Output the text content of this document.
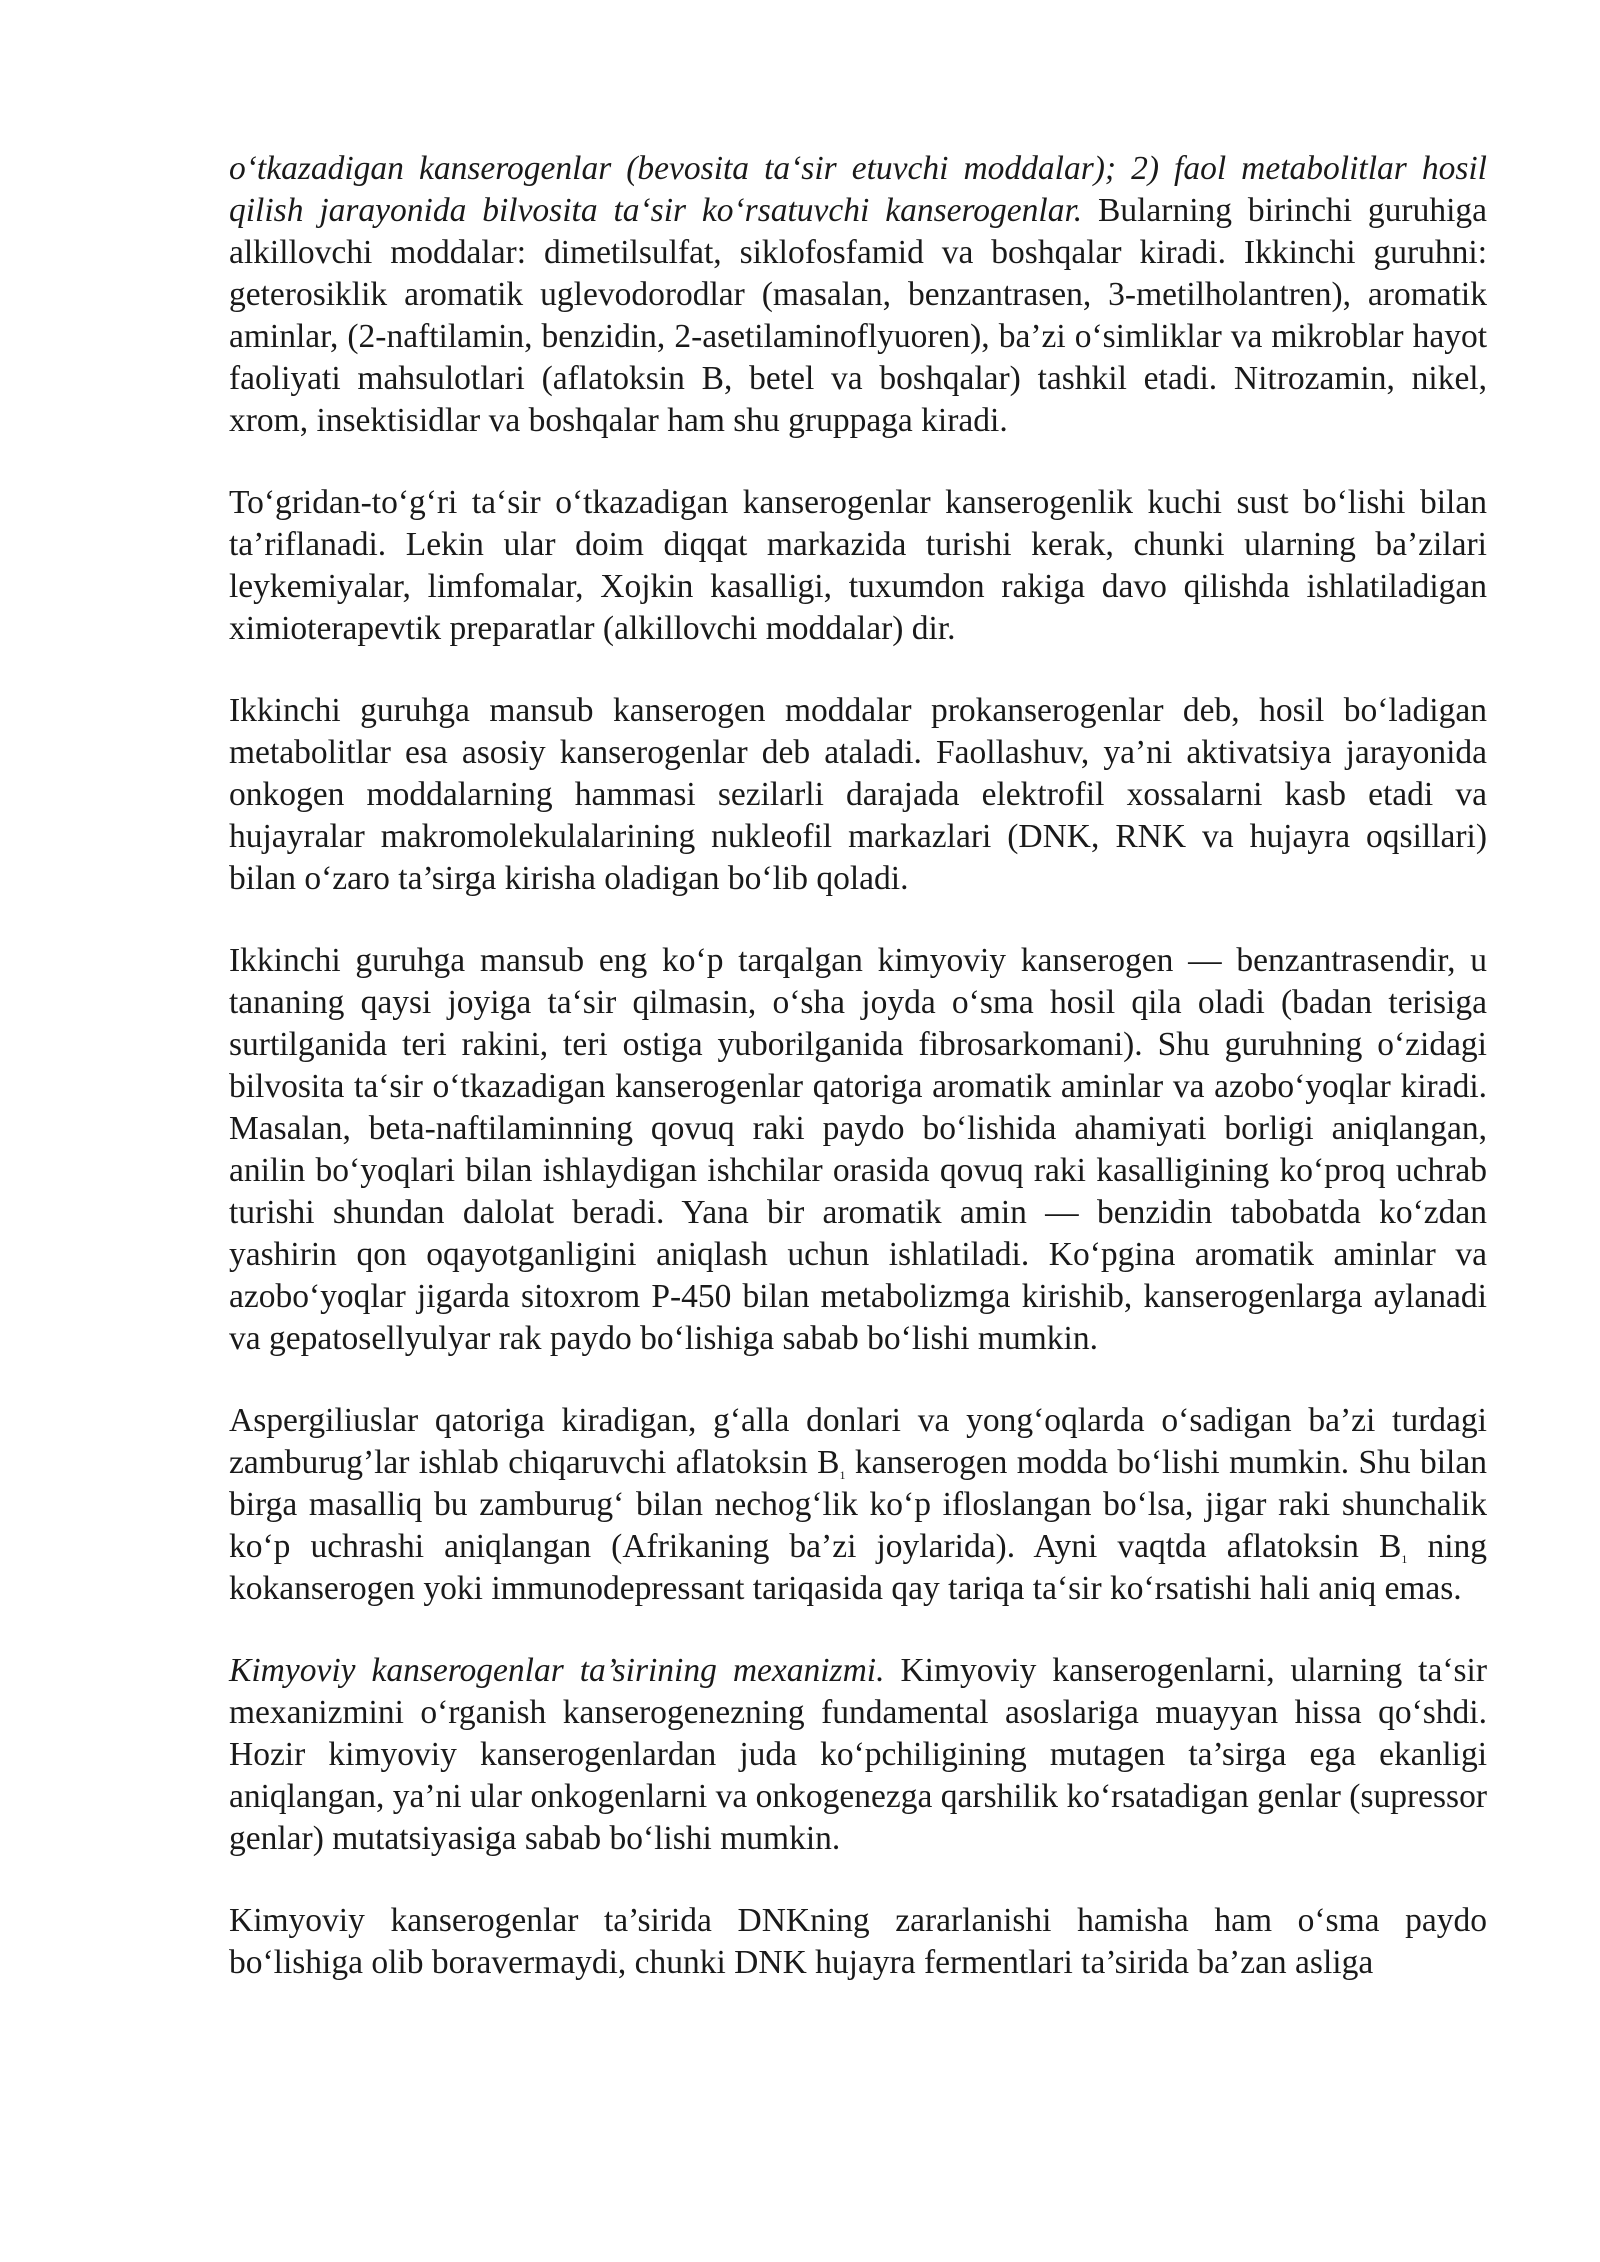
o‘tkazadigan kanserogenlar (bevosita ta‘sir etuvchi moddalar); 2) faol metabolitlar hosil qilish jarayonida bilvosita ta‘sir ko‘rsatuvchi kanserogenlar. Bularning birinchi guruhiga alkillovchi moddalar: dimetilsulfat, siklofosfamid va boshqalar kiradi. Ikkinchi guruhni: geterosiklik aromatik uglevodorodlar (masalan, benzantrasen, 3-metilholantren), aromatik aminlar, (2-naftilamin, benzidin, 2-asetilaminoflyuoren), ba’zi o‘simliklar va mikroblar hayot faoliyati mahsulotlari (aflatoksin B, betel va boshqalar) tashkil etadi. Nitrozamin, nikel, xrom, insektisidlar va boshqalar ham shu gruppaga kiradi.

To‘gridan-to‘g‘ri ta‘sir o‘tkazadigan kanserogenlar kanserogenlik kuchi sust bo‘lishi bilan ta’riflanadi. Lekin ular doim diqqat markazida turishi kerak, chunki ularning ba’zilari leykemiyalar, limfomalar, Xojkin kasalligi, tuxumdon rakiga davo qilishda ishlatiladigan ximioterapevtik preparatlar (alkillovchi moddalar) dir.

Ikkinchi guruhga mansub kanserogen moddalar prokanserogenlar deb, hosil bo‘ladigan metabolitlar esa asosiy kanserogenlar deb ataladi. Faollashuv, ya’ni aktivatsiya jarayonida onkogen moddalarning hammasi sezilarli darajada elektrofil xossalarni kasb etadi va hujayralar makromolekulalarining nukleofil markazlari (DNK, RNK va hujayra oqsillari) bilan o‘zaro ta’sirga kirisha oladigan bo‘lib qoladi.

Ikkinchi guruhga mansub eng ko‘p tarqalgan kimyoviy kanserogen — benzantrasendir, u tananing qaysi joyiga ta‘sir qilmasin, o‘sha joyda o‘sma hosil qila oladi (badan terisiga surtilganida teri rakini, teri ostiga yuborilganida fibrosarkomani). Shu guruhning o‘zidagi bilvosita ta‘sir o‘tkazadigan kanserogenlar qatoriga aromatik aminlar va azobo‘yoqlar kiradi. Masalan, beta-naftilaminning qovuq raki paydo bo‘lishida ahamiyati borligi aniqlangan, anilin bo‘yoqlari bilan ishlaydigan ishchilar orasida qovuq raki kasalligining ko‘proq uchrab turishi shundan dalolat beradi. Yana bir aromatik amin — benzidin tabobatda ko‘zdan yashirin qon oqayotganligini aniqlash uchun ishlatiladi. Ko‘pgina aromatik aminlar va azobo‘yoqlar jigarda sitoxrom P-450 bilan metabolizmga kirishib, kanserogenlarga aylanadi va gepatosellyulyar rak paydo bo‘lishiga sabab bo‘lishi mumkin.

Aspergiliuslar qatoriga kiradigan, g‘alla donlari va yong‘oqlarda o‘sadigan ba’zi turdagi zamburug’lar ishlab chiqaruvchi aflatoksin $B_1$ kanserogen modda bo‘lishi mumkin. Shu bilan birga masalliq bu zamburug‘ bilan nechog‘lik ko‘p ifloslangan bo‘lsa, jigar raki shunchalik ko‘p uchrashi aniqlangan (Afrikaning ba’zi joylarida). Ayni vaqtda aflatoksin $B_1$ ning kokanserogen yoki immunodepressant tariqasida qay tariqa ta‘sir ko‘rsatishi hali aniq emas.

Kimyoviy kanserogenlar ta’sirining mexanizmi. Kimyoviy kanserogenlarni, ularning ta‘sir mexanizmini o‘rganish kanserogenezning fundamental asoslariga muayyan hissa qo‘shdi. Hozir kimyoviy kanserogenlardan juda ko‘pchiligining mutagen ta’sirga ega ekanligi aniqlangan, ya’ni ular onkogenlarni va onkogenezga qarshilik ko‘rsatadigan genlar (supressor genlar) mutatsiyasiga sabab bo‘lishi mumkin.

Kimyoviy kanserogenlar ta’sirida DNKning zararlanishi hamisha ham o‘sma paydo bo‘lishiga olib boravermaydi, chunki DNK hujayra fermentlari ta’sirida ba’zan asliga
